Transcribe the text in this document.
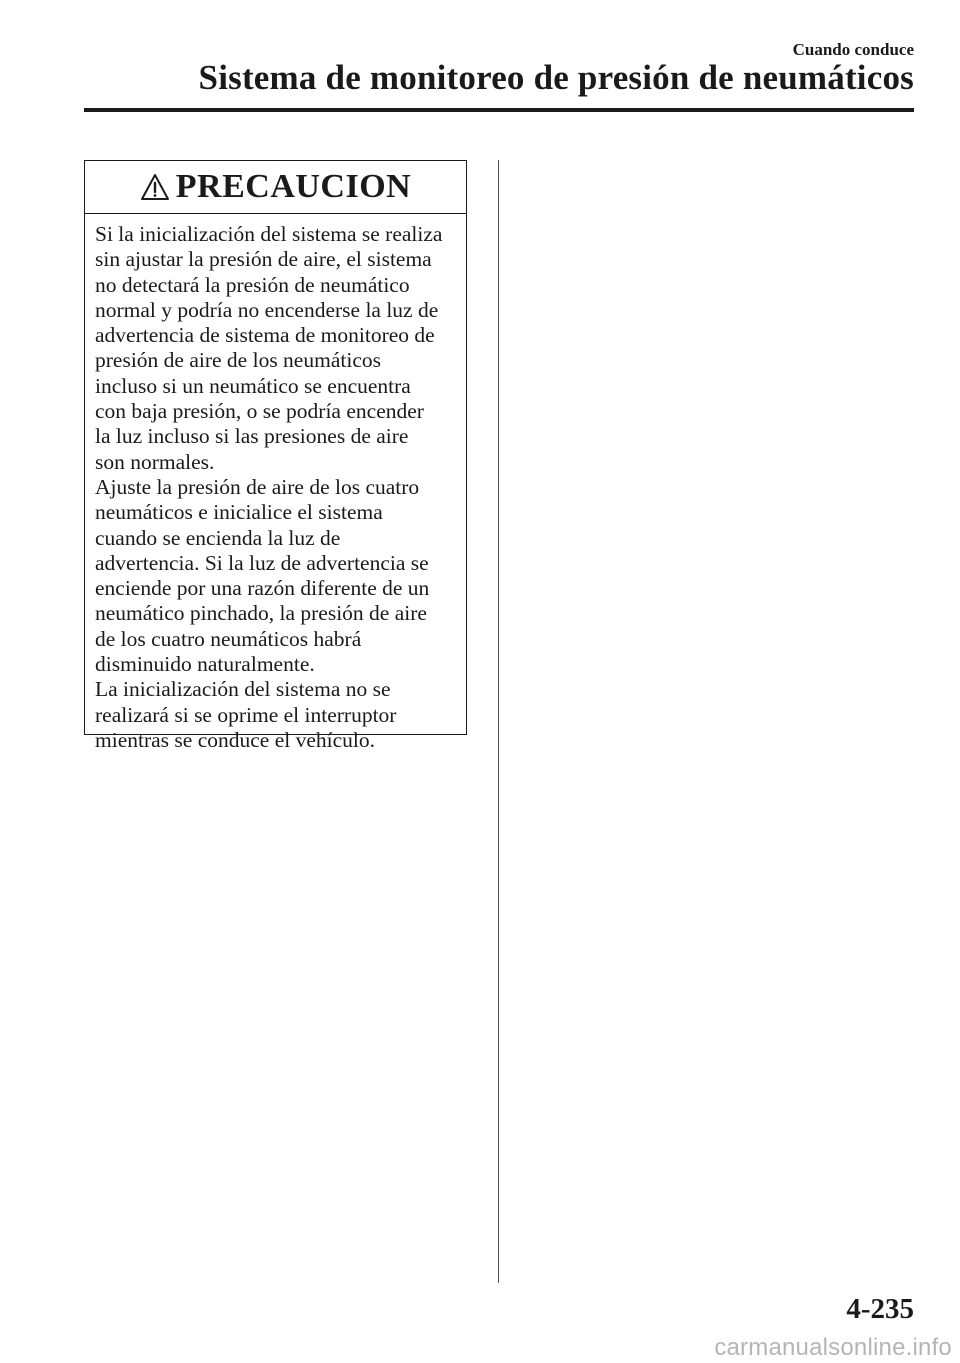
Cuando conduce
Sistema de monitoreo de presión de neumáticos
PRECAUCION

Si la inicialización del sistema se realiza
sin ajustar la presión de aire, el sistema
no detectará la presión de neumático
normal y podría no encenderse la luz de
advertencia de sistema de monitoreo de
presión de aire de los neumáticos
incluso si un neumático se encuentra
con baja presión, o se podría encender
la luz incluso si las presiones de aire
son normales.

Ajuste la presión de aire de los cuatro
neumáticos e inicialice el sistema
cuando se encienda la luz de
advertencia. Si la luz de advertencia se
enciende por una razón diferente de un
neumático pinchado, la presión de aire
de los cuatro neumáticos habrá
disminuido naturalmente.

La inicialización del sistema no se
realizará si se oprime el interruptor
mientras se conduce el vehículo.

4-235
carmanualsonline.info
